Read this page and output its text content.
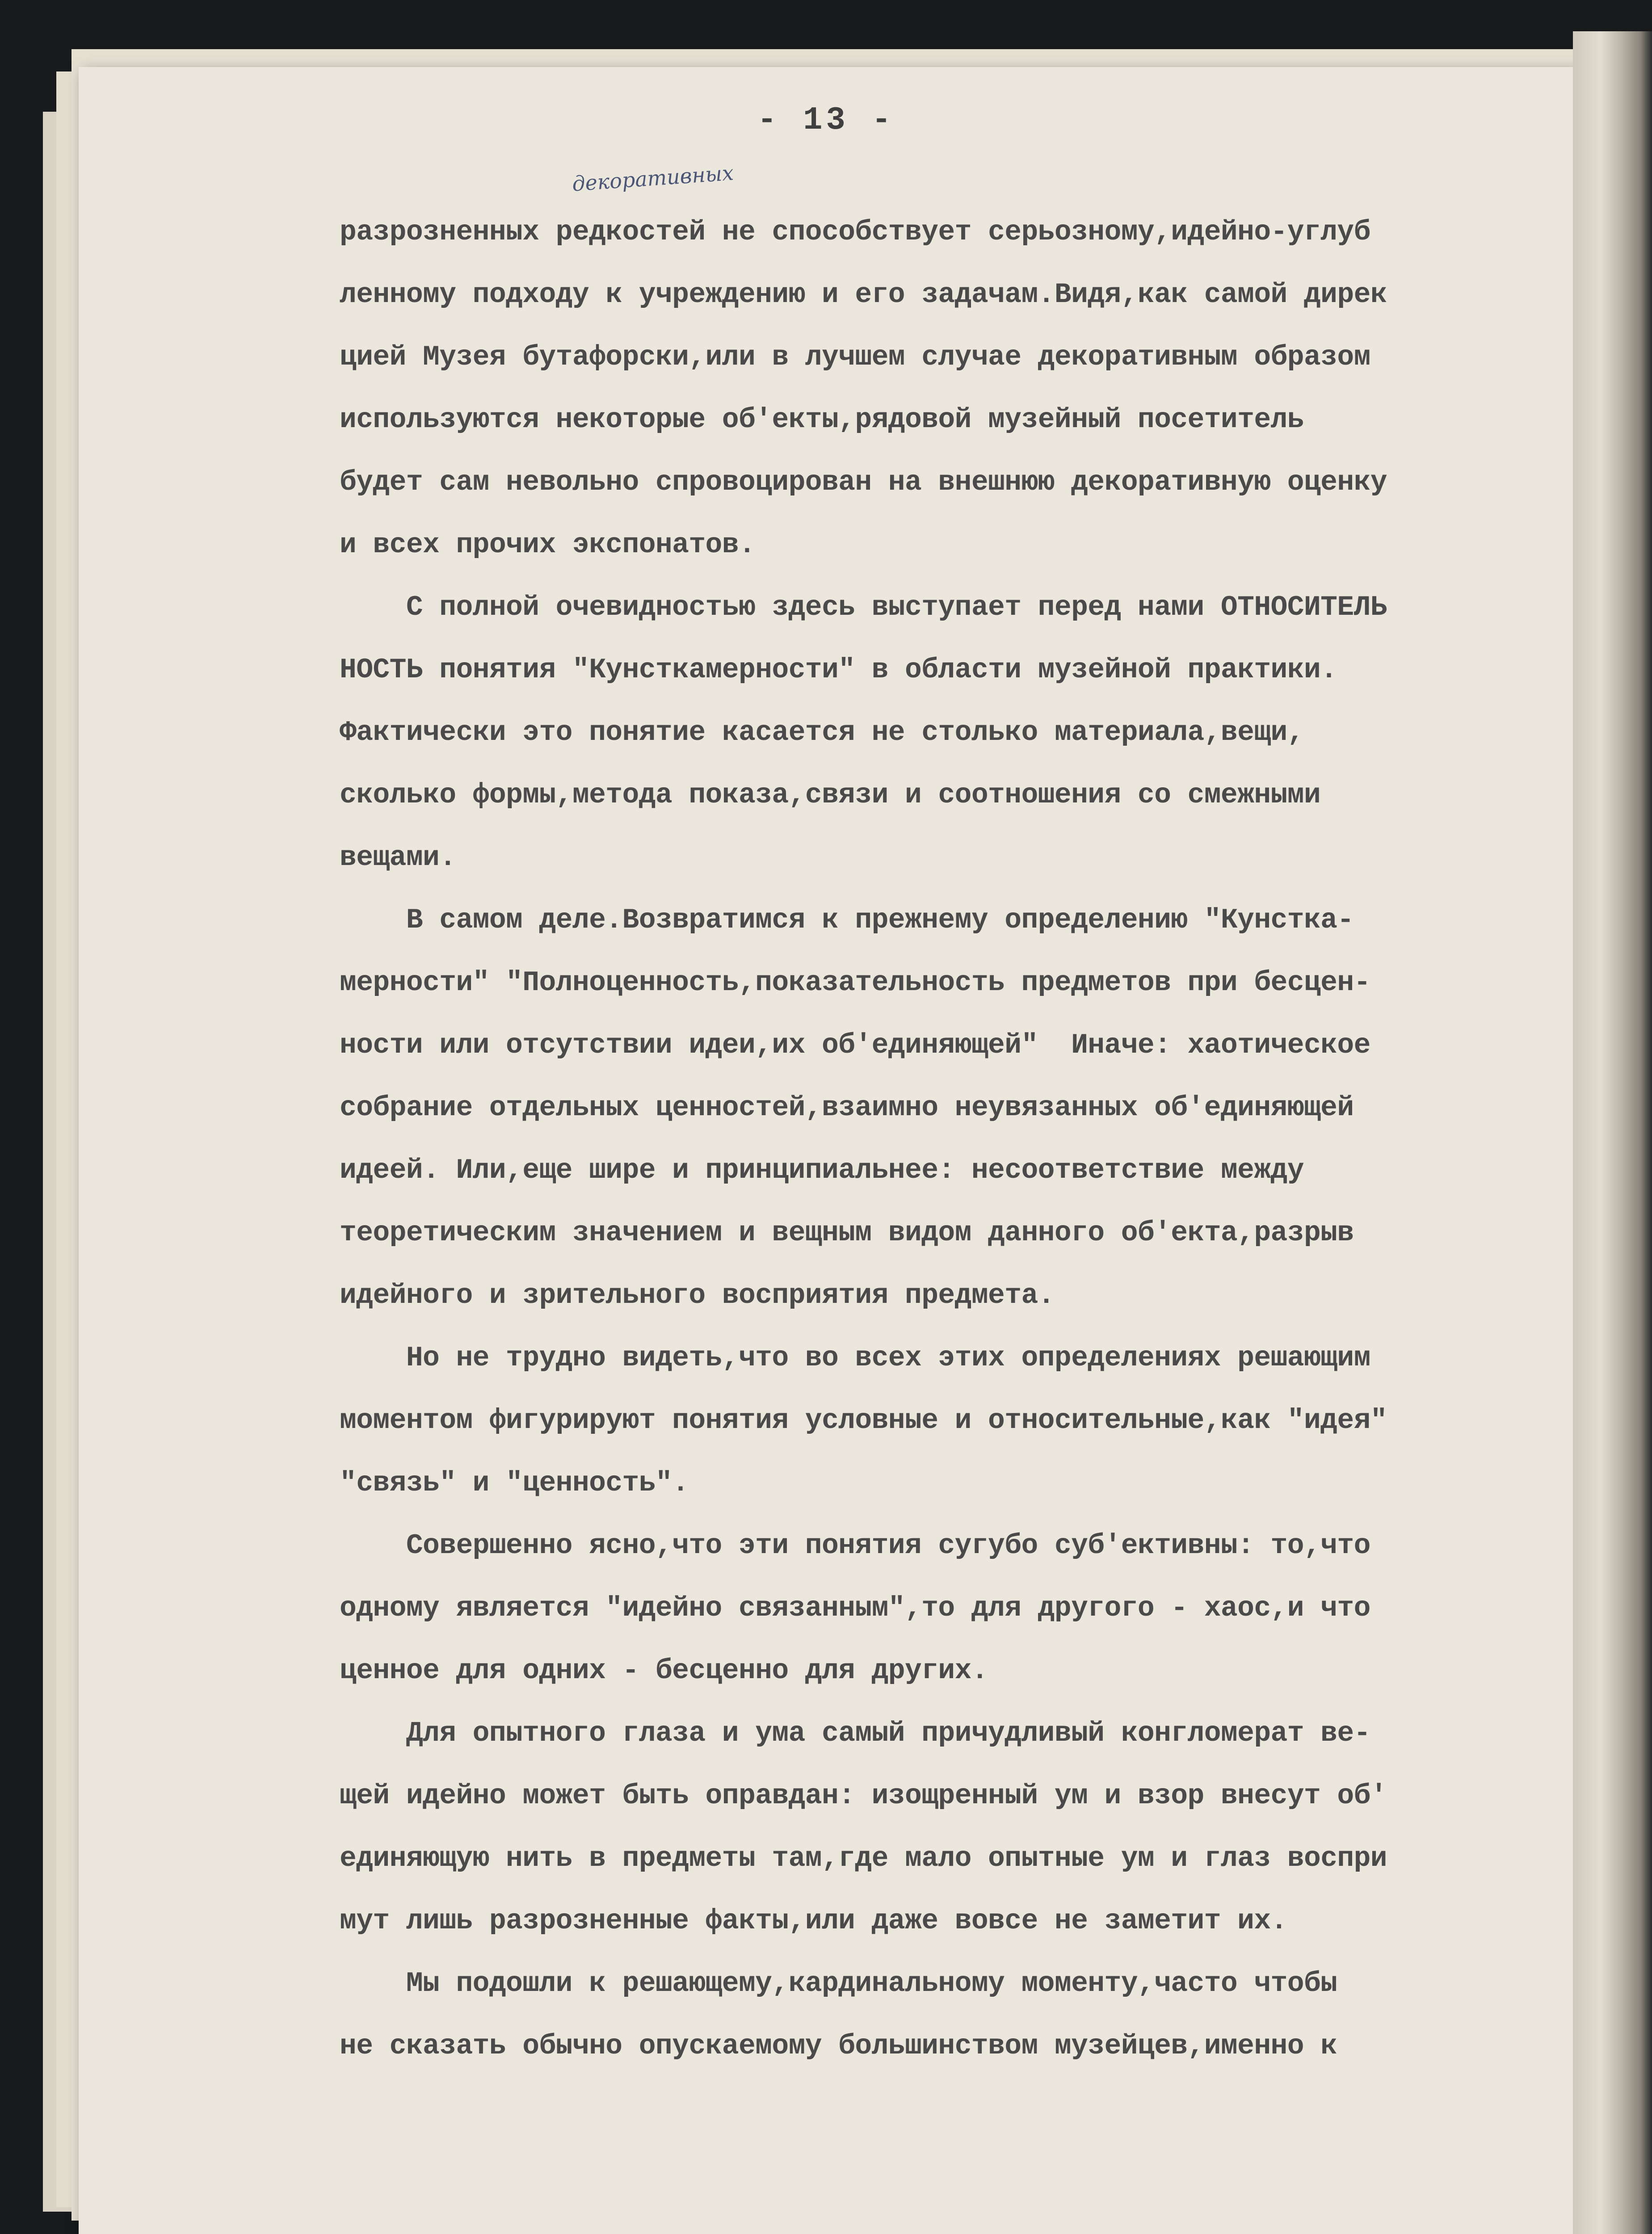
- 13 -
декоративных
разрозненных редкостей не способствует серьозному,идейно-углуб
ленному подходу к учреждению и его задачам.Видя,как самой дирек
цией Музея бутафорски,или в лучшем случае декоративным образом
используются некоторые об'екты,рядовой музейный посетитель
будет сам невольно спровоцирован на внешнюю декоративную оценку
и всех прочих экспонатов.
С полной очевидностью здесь выступает перед нами ОТНОСИТЕЛЬ
НОСТЬ понятия "Кунсткамерности" в области музейной практики.
Фактически это понятие касается не столько материала,вещи,
сколько формы,метода показа,связи и соотношения со смежными
вещами.
В самом деле.Возвратимся к прежнему определению "Кунстка-
мерности" "Полноценность,показательность предметов при бесцен-
ности или отсутствии идеи,их об'единяющей"  Иначе: хаотическое
собрание отдельных ценностей,взаимно неувязанных об'единяющей
идеей. Или,еще шире и принципиальнее: несоответствие между
теоретическим значением и вещным видом данного об'екта,разрыв
идейного и зрительного восприятия предмета.
Но не трудно видеть,что во всех этих определениях решающим
моментом фигурируют понятия условные и относительные,как "идея"
"связь" и "ценность".
Совершенно ясно,что эти понятия сугубо суб'ективны: то,что
одному является "идейно связанным",то для другого - хаос,и что
ценное для одних - бесценно для других.
Для опытного глаза и ума самый причудливый конгломерат ве-
щей идейно может быть оправдан: изощренный ум и взор внесут об'
единяющую нить в предметы там,где мало опытные ум и глаз воспри
мут лишь разрозненные факты,или даже вовсе не заметит их.
Мы подошли к решающему,кардинальному моменту,часто чтобы
не сказать обычно опускаемому большинством музейцев,именно к
